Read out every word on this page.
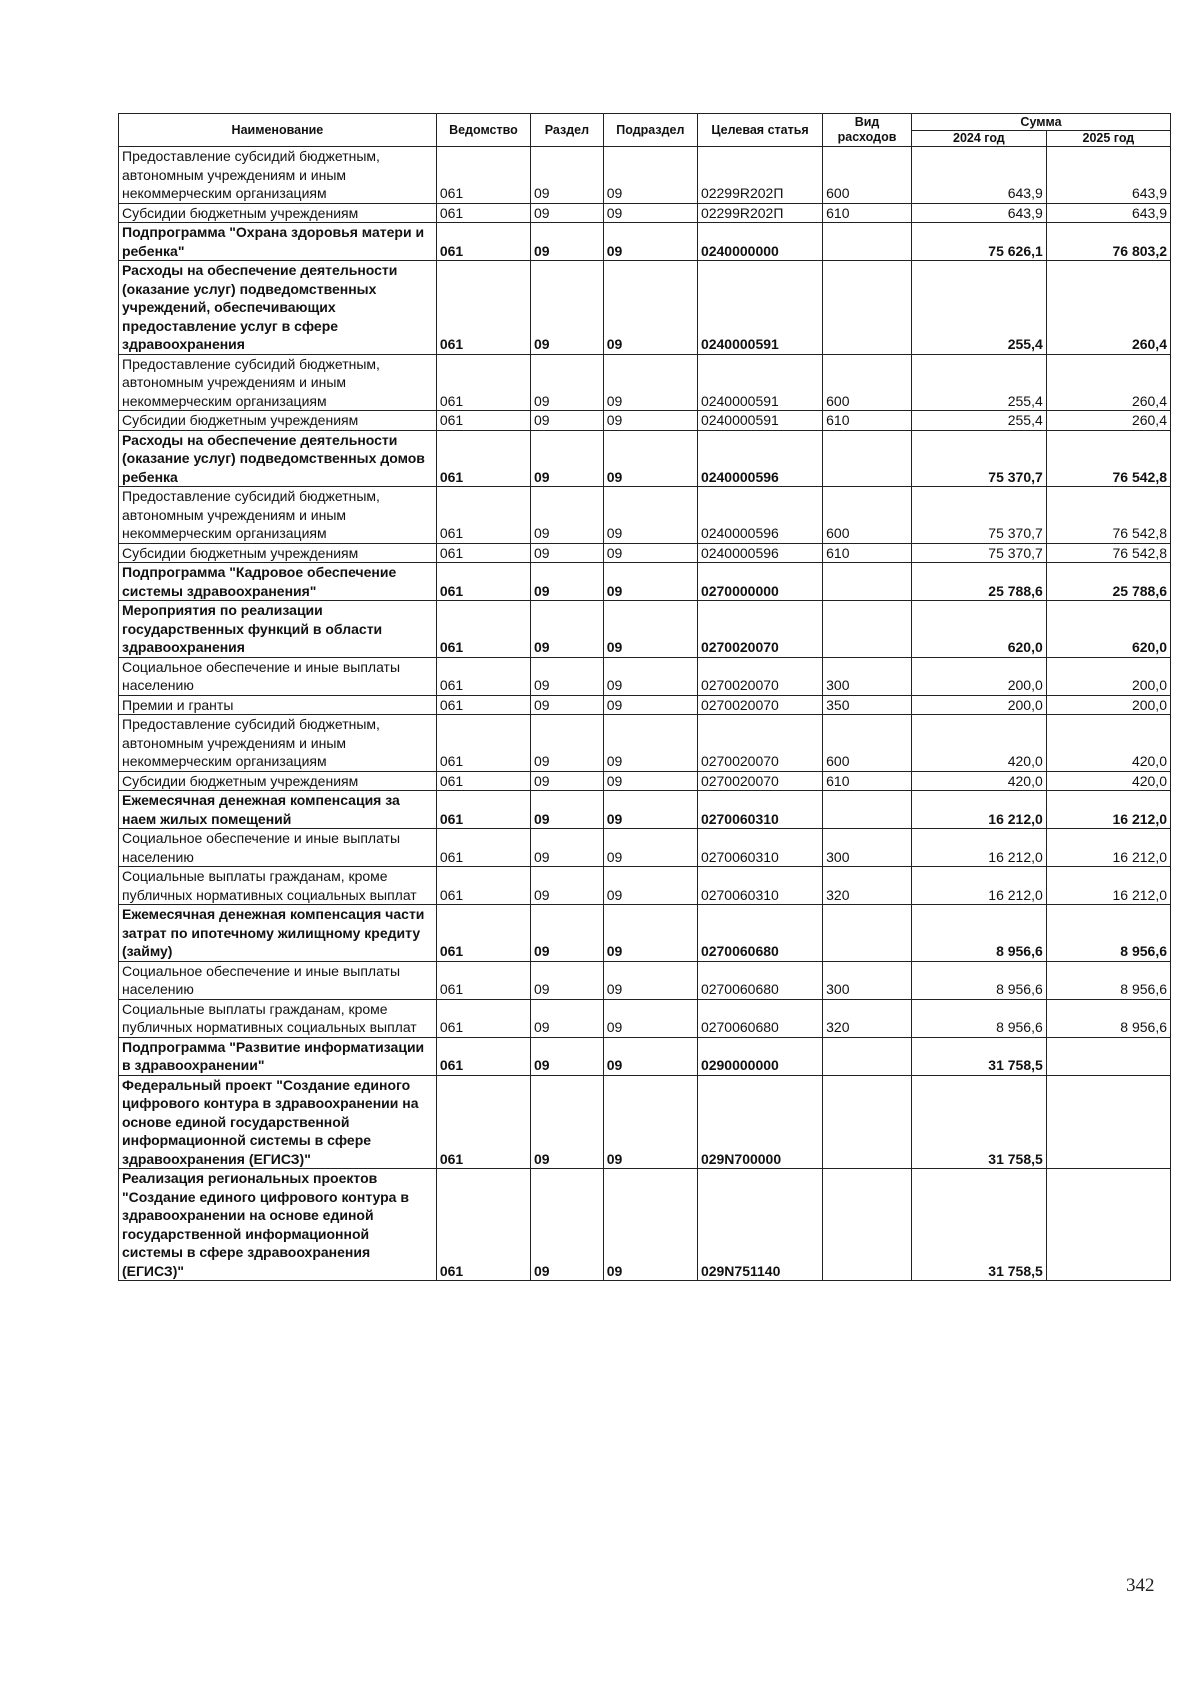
Наименование	Ведомство	Раздел	Подраздел	Целевая статья	Вид расходов	Сумма	
						2024 год	2025 год
Предоставление субсидий бюджетным, автономным учреждениям и иным некоммерческим организациям	061	09	09	02299R202П	600	643,9	643,9
Субсидии бюджетным учреждениям	061	09	09	02299R202П	610	643,9	643,9
Подпрограмма "Охрана здоровья матери и ребенка"	061	09	09	0240000000		75 626,1	76 803,2
Расходы на обеспечение деятельности (оказание услуг) подведомственных учреждений, обеспечивающих предоставление услуг в сфере здравоохранения	061	09	09	0240000591		255,4	260,4
Предоставление субсидий бюджетным, автономным учреждениям и иным некоммерческим организациям	061	09	09	0240000591	600	255,4	260,4
Субсидии бюджетным учреждениям	061	09	09	0240000591	610	255,4	260,4
Расходы на обеспечение деятельности (оказание услуг) подведомственных домов ребенка	061	09	09	0240000596		75 370,7	76 542,8
Предоставление субсидий бюджетным, автономным учреждениям и иным некоммерческим организациям	061	09	09	0240000596	600	75 370,7	76 542,8
Субсидии бюджетным учреждениям	061	09	09	0240000596	610	75 370,7	76 542,8
Подпрограмма "Кадровое обеспечение системы здравоохранения"	061	09	09	0270000000		25 788,6	25 788,6
Мероприятия по реализации государственных функций в области здравоохранения	061	09	09	0270020070		620,0	620,0
Социальное обеспечение и иные выплаты населению	061	09	09	0270020070	300	200,0	200,0
Премии и гранты	061	09	09	0270020070	350	200,0	200,0
Предоставление субсидий бюджетным, автономным учреждениям и иным некоммерческим организациям	061	09	09	0270020070	600	420,0	420,0
Субсидии бюджетным учреждениям	061	09	09	0270020070	610	420,0	420,0
Ежемесячная денежная компенсация за наем жилых помещений	061	09	09	0270060310		16 212,0	16 212,0
Социальное обеспечение и иные выплаты населению	061	09	09	0270060310	300	16 212,0	16 212,0
Социальные выплаты гражданам, кроме публичных нормативных социальных выплат	061	09	09	0270060310	320	16 212,0	16 212,0
Ежемесячная денежная компенсация части затрат по ипотечному жилищному кредиту (займу)	061	09	09	0270060680		8 956,6	8 956,6
Социальное обеспечение и иные выплаты населению	061	09	09	0270060680	300	8 956,6	8 956,6
Социальные выплаты гражданам, кроме публичных нормативных социальных выплат	061	09	09	0270060680	320	8 956,6	8 956,6
Подпрограмма "Развитие информатизации в здравоохранении"	061	09	09	0290000000		31 758,5	
Федеральный проект "Создание единого цифрового контура в здравоохранении на основе единой государственной информационной системы в сфере здравоохранения (ЕГИСЗ)"	061	09	09	029N700000		31 758,5	
Реализация региональных проектов "Создание единого цифрового контура в здравоохранении на основе единой государственной информационной системы в сфере здравоохранения (ЕГИСЗ)"	061	09	09	029N751140		31 758,5	
342
